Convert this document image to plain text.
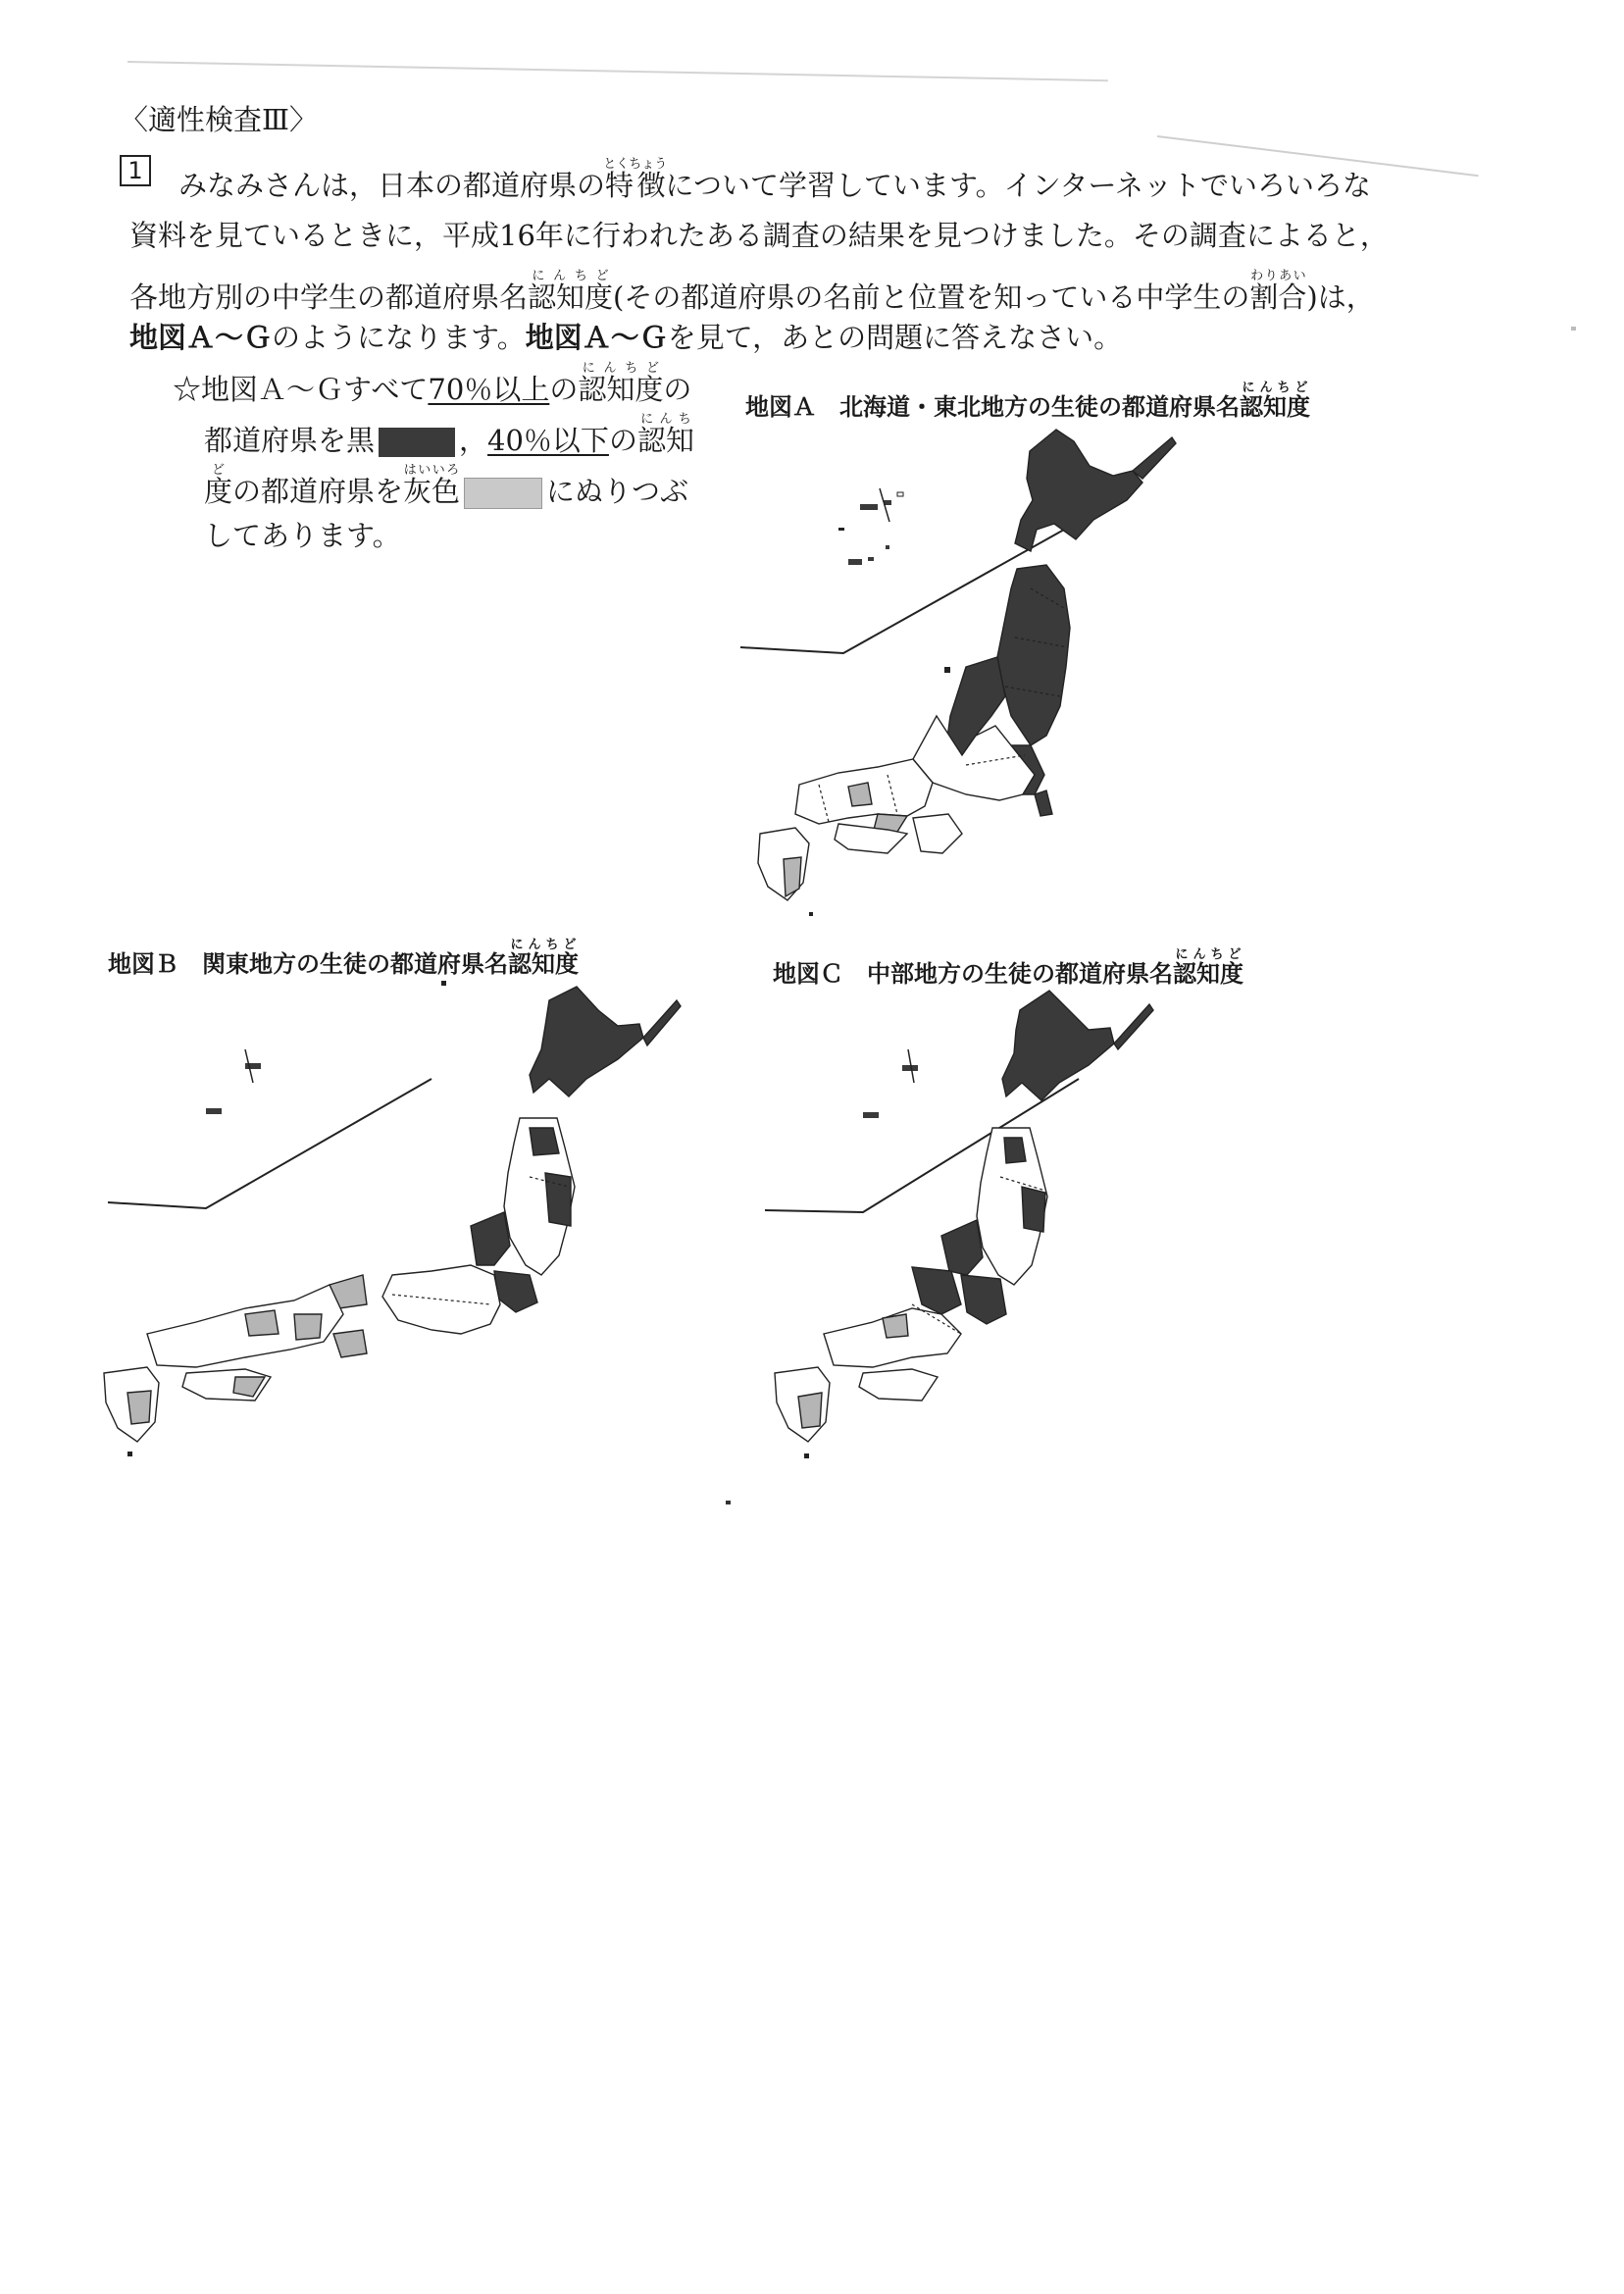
〈適性検査Ⅲ〉
1 みなみさんは，日本の都道府県の特徴とくちょうについて学習しています。インターネットでいろいろな
資料を見ているときに，平成16年に行われたある調査の結果を見つけました。その調査によると，
各地方別の中学生の都道府県名認知度にんちど(その都道府県の名前と位置を知っている中学生の割合わりあい)は，
地図Ａ～Ｇのようになります。地図Ａ～Ｇを見て，あとの問題に答えなさい。
☆地図Ａ～Ｇすべて70％以上の認知度にんちどの
都道府県を黒	，40％以下の認知にんち
度どの都道府県を灰色はいいろにぬりつぶ
してあります。
地図Ａ　 北海道・東北地方の生徒の都道府県名認知度にんちど
地図Ｂ　 関東地方の生徒の都道府県名認知度にんちど
地図Ｃ　 中部地方の生徒の都道府県名認知度にんちど
